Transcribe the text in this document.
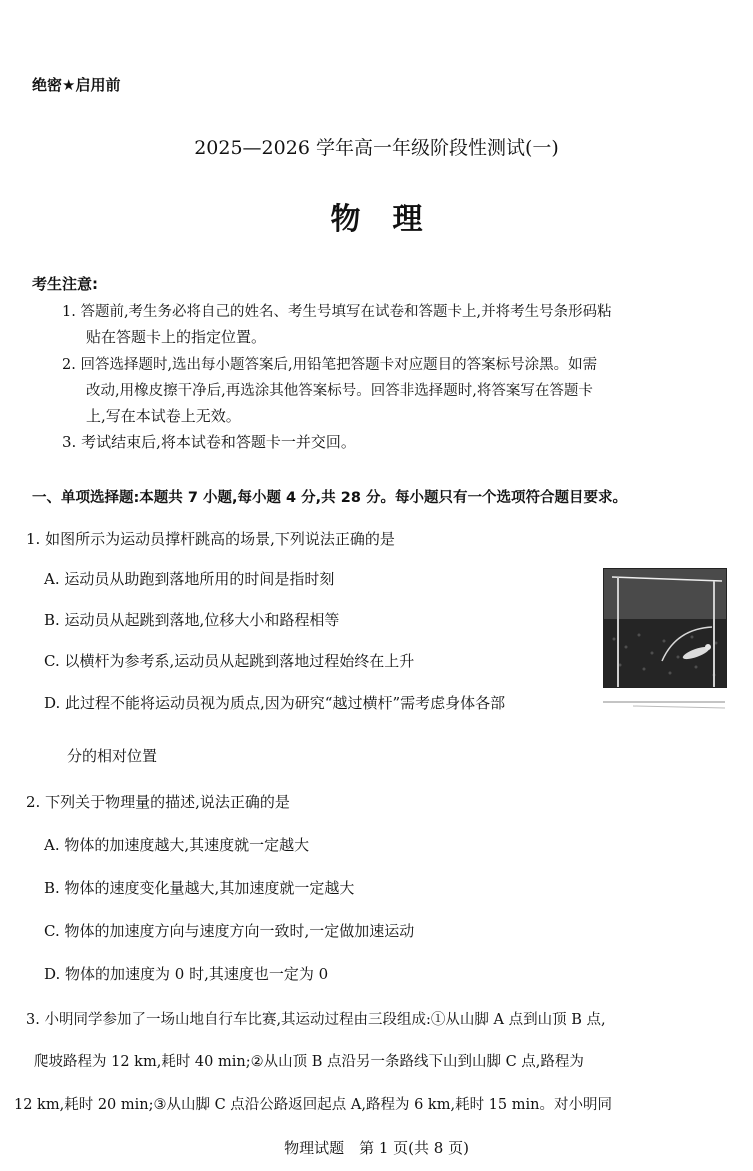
绝密★启用前
2025—2026 学年高一年级阶段性测试(一)
物理
考生注意:
1. 答题前,考生务必将自己的姓名、考生号填写在试卷和答题卡上,并将考生号条形码粘
贴在答题卡上的指定位置。
2. 回答选择题时,选出每小题答案后,用铅笔把答题卡对应题目的答案标号涂黑。如需
改动,用橡皮擦干净后,再选涂其他答案标号。回答非选择题时,将答案写在答题卡
上,写在本试卷上无效。
3. 考试结束后,将本试卷和答题卡一并交回。
一、单项选择题:本题共 7 小题,每小题 4 分,共 28 分。每小题只有一个选项符合题目要求。
1. 如图所示为运动员撑杆跳高的场景,下列说法正确的是
A. 运动员从助跑到落地所用的时间是指时刻
B. 运动员从起跳到落地,位移大小和路程相等
C. 以横杆为参考系,运动员从起跳到落地过程始终在上升
D. 此过程不能将运动员视为质点,因为研究“越过横杆”需考虑身体各部
分的相对位置
2. 下列关于物理量的描述,说法正确的是
A. 物体的加速度越大,其速度就一定越大
B. 物体的速度变化量越大,其加速度就一定越大
C. 物体的加速度方向与速度方向一致时,一定做加速运动
D. 物体的加速度为 0 时,其速度也一定为 0
3. 小明同学参加了一场山地自行车比赛,其运动过程由三段组成:①从山脚 A 点到山顶 B 点,
爬坡路程为 12 km,耗时 40 min;②从山顶 B 点沿另一条路线下山到山脚 C 点,路程为
12 km,耗时 20 min;③从山脚 C 点沿公路返回起点 A,路程为 6 km,耗时 15 min。对小明同
物理试题　第 1 页(共 8 页)
